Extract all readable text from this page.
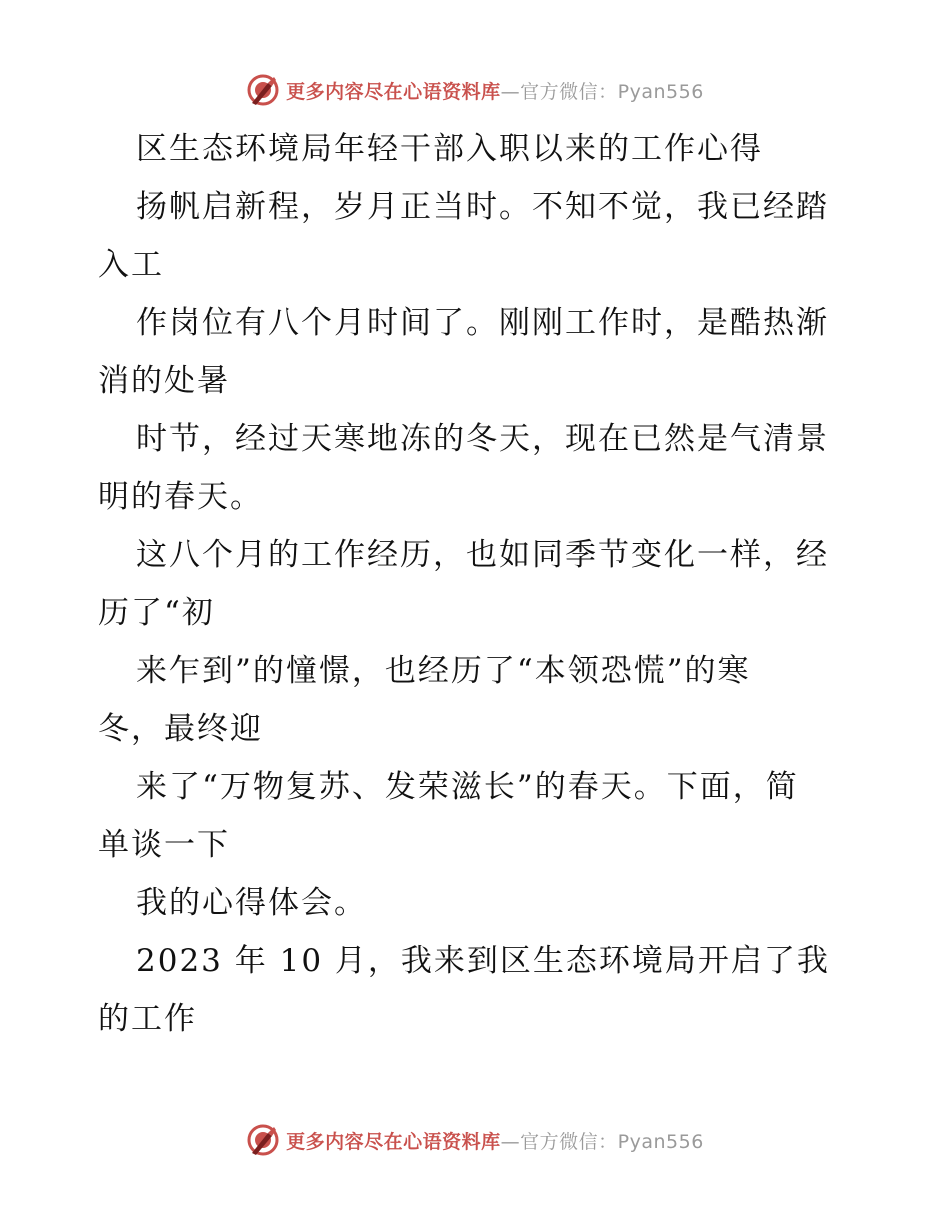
更多内容尽在心语资料库—官方微信：Pyan556
区生态环境局年轻干部入职以来的工作心得
扬帆启新程，岁月正当时。不知不觉，我已经踏
入工
作岗位有八个月时间了。刚刚工作时，是酷热渐
消的处暑
时节，经过天寒地冻的冬天，现在已然是气清景
明的春天。
这八个月的工作经历，也如同季节变化一样，经
历了“初
来乍到”的憧憬，也经历了“本领恐慌”的寒
冬，最终迎
来了“万物复苏、发荣滋长”的春天。下面，简
单谈一下
我的心得体会。
2023 年 10 月，我来到区生态环境局开启了我
的工作
更多内容尽在心语资料库—官方微信：Pyan556
